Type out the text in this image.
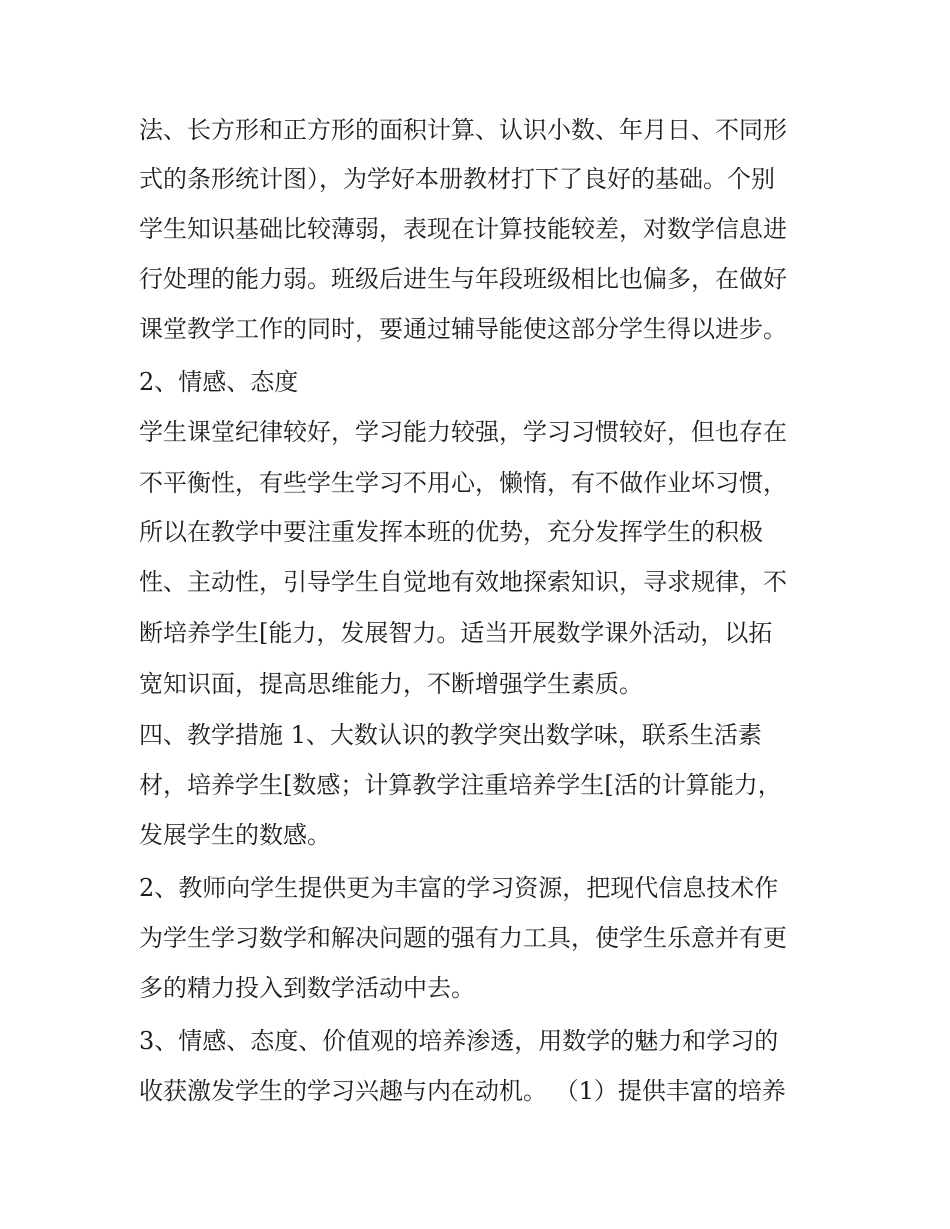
法、长方形和正方形的面积计算、认识小数、年月日、不同形
式的条形统计图），为学好本册教材打下了良好的基础。个别
学生知识基础比较薄弱，表现在计算技能较差，对数学信息进
行处理的能力弱。班级后进生与年段班级相比也偏多，在做好
课堂教学工作的同时，要通过辅导能使这部分学生得以进步。
2、情感、态度
学生课堂纪律较好，学习能力较强，学习习惯较好，但也存在
不平衡性，有些学生学习不用心，懒惰，有不做作业坏习惯，
所以在教学中要注重发挥本班的优势，充分发挥学生的积极
性、主动性，引导学生自觉地有效地探索知识，寻求规律，不
断培养学生[能力，发展智力。适当开展数学课外活动，以拓
宽知识面，提高思维能力，不断增强学生素质。
四、教学措施 1、大数认识的教学突出数学味，联系生活素
材，培养学生[数感；计算教学注重培养学生[活的计算能力，
发展学生的数感。
2、教师向学生提供更为丰富的学习资源，把现代信息技术作
为学生学习数学和解决问题的强有力工具，使学生乐意并有更
多的精力投入到数学活动中去。
3、情感、态度、价值观的培养渗透，用数学的魅力和学习的
收获激发学生的学习兴趣与内在动机。 （1）提供丰富的培养
